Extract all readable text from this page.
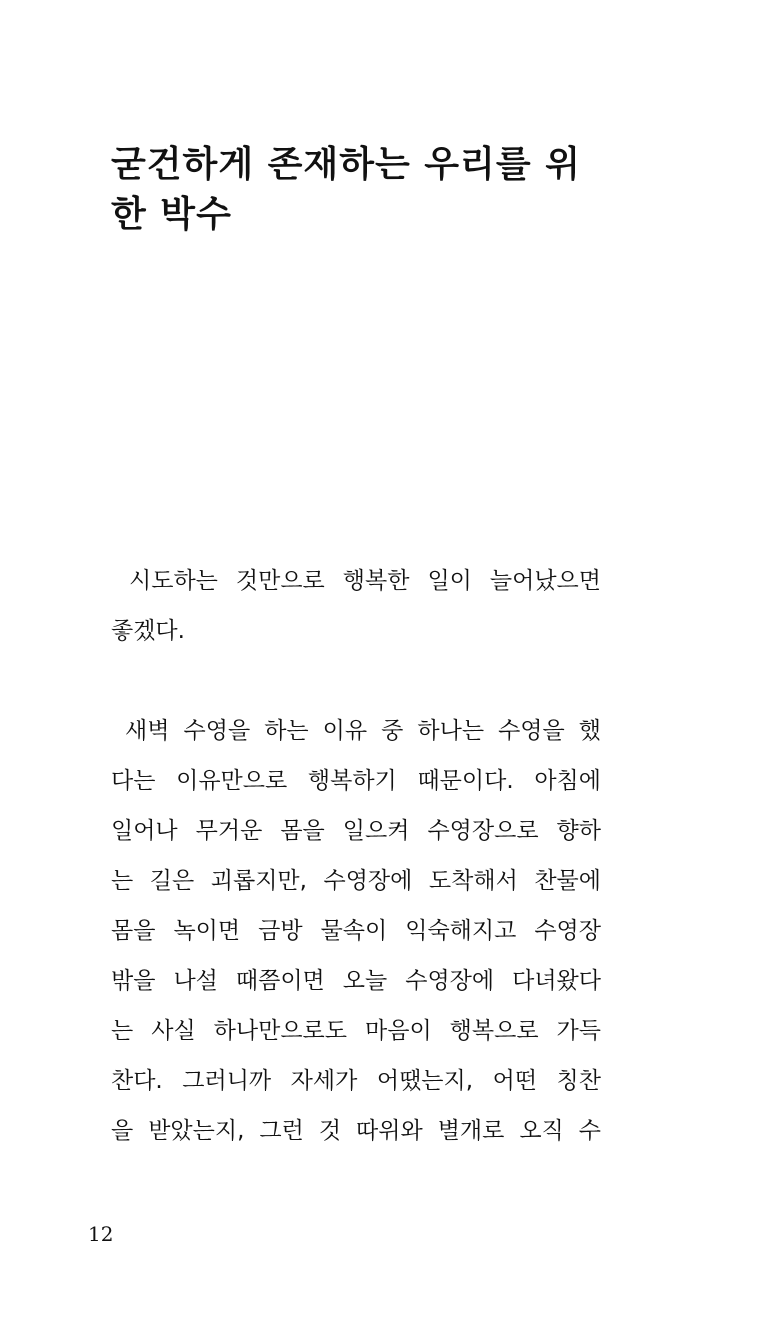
굳건하게 존재하는 우리를 위
한 박수
시도하는 것만으로 행복한 일이 늘어났으면
좋겠다.
새벽 수영을 하는 이유 중 하나는 수영을 했
다는 이유만으로 행복하기 때문이다. 아침에
일어나 무거운 몸을 일으켜 수영장으로 향하
는 길은 괴롭지만, 수영장에 도착해서 찬물에
몸을 녹이면 금방 물속이 익숙해지고 수영장
밖을 나설 때쯤이면 오늘 수영장에 다녀왔다
는 사실 하나만으로도 마음이 행복으로 가득
찬다. 그러니까 자세가 어땠는지, 어떤 칭찬
을 받았는지, 그런 것 따위와 별개로 오직 수
12
